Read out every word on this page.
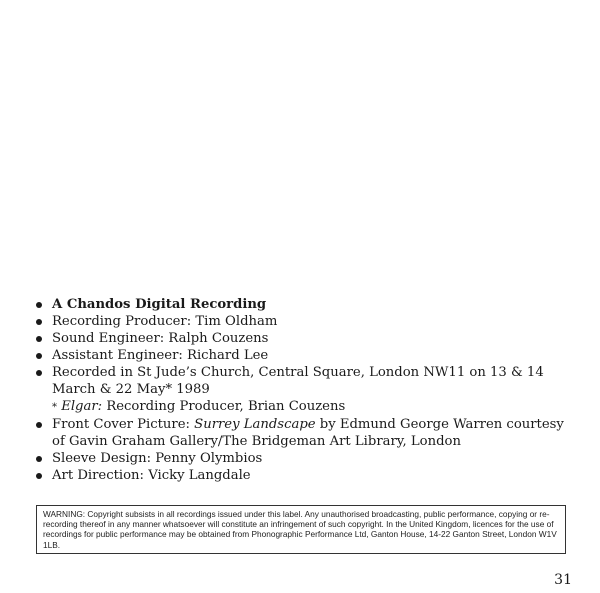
A Chandos Digital Recording
Recording Producer: Tim Oldham
Sound Engineer: Ralph Couzens
Assistant Engineer: Richard Lee
Recorded in St Jude’s Church, Central Square, London NW11 on 13 & 14 March & 22 May* 1989
* Elgar: Recording Producer, Brian Couzens
Front Cover Picture: Surrey Landscape by Edmund George Warren courtesy of Gavin Graham Gallery/The Bridgeman Art Library, London
Sleeve Design: Penny Olymbios
Art Direction: Vicky Langdale
WARNING: Copyright subsists in all recordings issued under this label. Any unauthorised broadcasting, public performance, copying or re-recording thereof in any manner whatsoever will constitute an infringement of such copyright. In the United Kingdom, licences for the use of recordings for public performance may be obtained from Phonographic Performance Ltd, Ganton House, 14-22 Ganton Street, London W1V 1LB.
31
